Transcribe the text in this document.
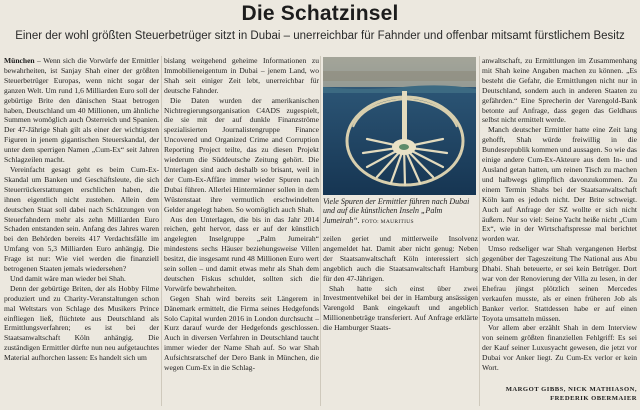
Die Schatzinsel
Einer der wohl größten Steuerbetrüger sitzt in Dubai – unerreichbar für Fahnder und offenbar mitsamt fürstlichem Besitz

München – Wenn sich die Vorwürfe der Ermittler bewahrheiten, ist Sanjay Shah einer der größten Steuerbetrüger Europas, wenn nicht sogar der ganzen Welt. Um rund 1,6 Milliarden Euro soll der gebürtige Brite den dänischen Staat betrogen haben, Deutschland um 40 Millionen, um ähnliche Summen womöglich auch Österreich und Spanien. Der 47-Jährige Shah gilt als einer der wichtigsten Figuren in jenem gigantischen Steuerskandal, der unter dem sperrigen Namen „Cum-Ex“ seit Jahren Schlagzeilen macht.

Vereinfacht gesagt geht es beim Cum-Ex-Skandal um Banken und Geschäftsleute, die sich Steuerrückerstattungen erschlichen haben, die ihnen eigentlich nicht zustehen. Allein dem deutschen Staat soll dabei nach Schätzungen von Steuerfahndern mehr als zehn Milliarden Euro Schaden entstanden sein. Anfang des Jahres waren bei den Behörden bereits 417 Verdachtsfälle im Umfang von 5,3 Milliarden Euro anhängig. Die Frage ist nur: Wie viel werden die finanziell betrogenen Staaten jemals wiedersehen?

Und damit wäre man wieder bei Shah.

Denn der gebürtige Briten, der als Hobby Filme produziert und zu Charity-Veranstaltungen schon mal Weltstars von Schlage des Musikers Prince einfliegen ließ, flüchtete aus Deutschland als Ermittlungsverfahren; es ist bei der Staatsanwaltschaft Köln anhängig. Die zuständigen Ermittler dürfte nun neu aufgetauchtes Material aufhorchen lassen: Es handelt sich um

bislang weitgehend geheime Informationen zu Immobilieneigentum in Dubai – jenem Land, wo Shah seit einiger Zeit lebt, unerreichbar für deutsche Fahnder.

Die Daten wurden der amerikanischen Nichtregierungsorganisation C4ADS zugespielt, die sie mit der auf dunkle Finanzströme spezialisierten Journalistengruppe Finance Uncovered und Organized Crime and Corruption Reporting Project teilte, das zu diesen Projekt wiederum die Süddeutsche Zeitung gehört. Die Unterlagen sind auch deshalb so brisant, weil in der Cum-Ex-Affäre immer wieder Spuren nach Dubai führen. Allerlei Hintermänner sollen in dem Wüstenstaat ihre vermutlich erschwindelten Gelder angelegt haben. So womöglich auch Shah.

Aus den Unterlagen, die bis in das Jahr 2014 reichen, geht hervor, dass er auf der künstlich angelegten Inselgruppe „Palm Jumeirah“ mindestens sechs Häuser beziehungsweise Villen besitzt, die insgesamt rund 48 Millionen Euro wert sein sollen – und damit etwas mehr als Shah dem deutschen Fiskus schuldet, sollten sich die Vorwürfe bewahrheiten.

Gegen Shah wird bereits seit Längerem in Dänemark ermittelt, die Firma seines Hedgefonds Solo Capital wurden 2016 in London durchsucht – Kurz darauf wurde der Hedgefonds geschlossen. Auch in diversen Verfahren in Deutschland taucht immer wieder der Name Shah auf. So war Shah Aufsichtsratschef der Dero Bank in München, die wegen Cum-Ex in die Schlag-

Viele Spuren der Ermittler führen nach Dubai und auf die künstlichen Inseln „Palm Jumeirah“. FOTO: MAURITIUS

zeilen geriet und mittlerweile Insolvenz angemeldet hat. Damit aber nicht genug: Neben der Staatsanwaltschaft Köln interessiert sich angeblich auch die Staatsanwaltschaft Hamburg für den 47-Jährigen.

Shah hatte sich einst über zwei Investmentvehikel bei der in Hamburg ansässigen Varengold Bank eingekauft und angeblich Millionenbeträge transferiert. Auf Anfrage erklärte die Hamburger Staats-

anwaltschaft, zu Ermittlungen im Zusammenhang mit Shah keine Angaben machen zu können. „Es besteht die Gefahr, die Ermittlungen nicht nur in Deutschland, sondern auch in anderen Staaten zu gefährden.“ Eine Sprecherin der Varengold-Bank betonte auf Anfrage, dass gegen das Geldhaus selbst nicht ermittelt werde.

Manch deutscher Ermittler hatte eine Zeit lang gehofft, Shah würde freiwillig in die Bundesrepublik kommen und aussagen. So wie das einige andere Cum-Ex-Akteure aus dem In- und Ausland getan hatten, um reinen Tisch zu machen und halbwegs glimpflich davonzukommen. Zu einem Termin Shahs bei der Staatsanwaltschaft Köln kam es jedoch nicht. Der Brite schweigt. Auch auf Anfrage der SZ wollte er sich nicht äußern. Nur so viel: Seine Yacht heiße nicht „Cum Ex“, wie in der Wirtschaftspresse mal berichtet worden war.

Umso redseliger war Shah vergangenen Herbst gegenüber der Tageszeitung The National aus Abu Dhabi. Shah beteuerte, er sei kein Betrüger. Dort war von der Renovierung der Villa zu lesen, in der Ehefrau jüngst plötzlich seinen Mercedes verkaufen musste, als er einen früheren Job als Banker verlor. Stattdessen habe er auf einen Toyota umsatteln müssen.

Vor allem aber erzählt Shah in dem Interview von seinem größten finanziellen Fehlgriff: Es sei der Kauf seiner Luxusyacht gewesen, die jetzt vor Dubai vor Anker liegt. Zu Cum-Ex verlor er kein Wort.

MARGOT GIBBS, NICK MATHIASON,
FREDERIK OBERMAIER
